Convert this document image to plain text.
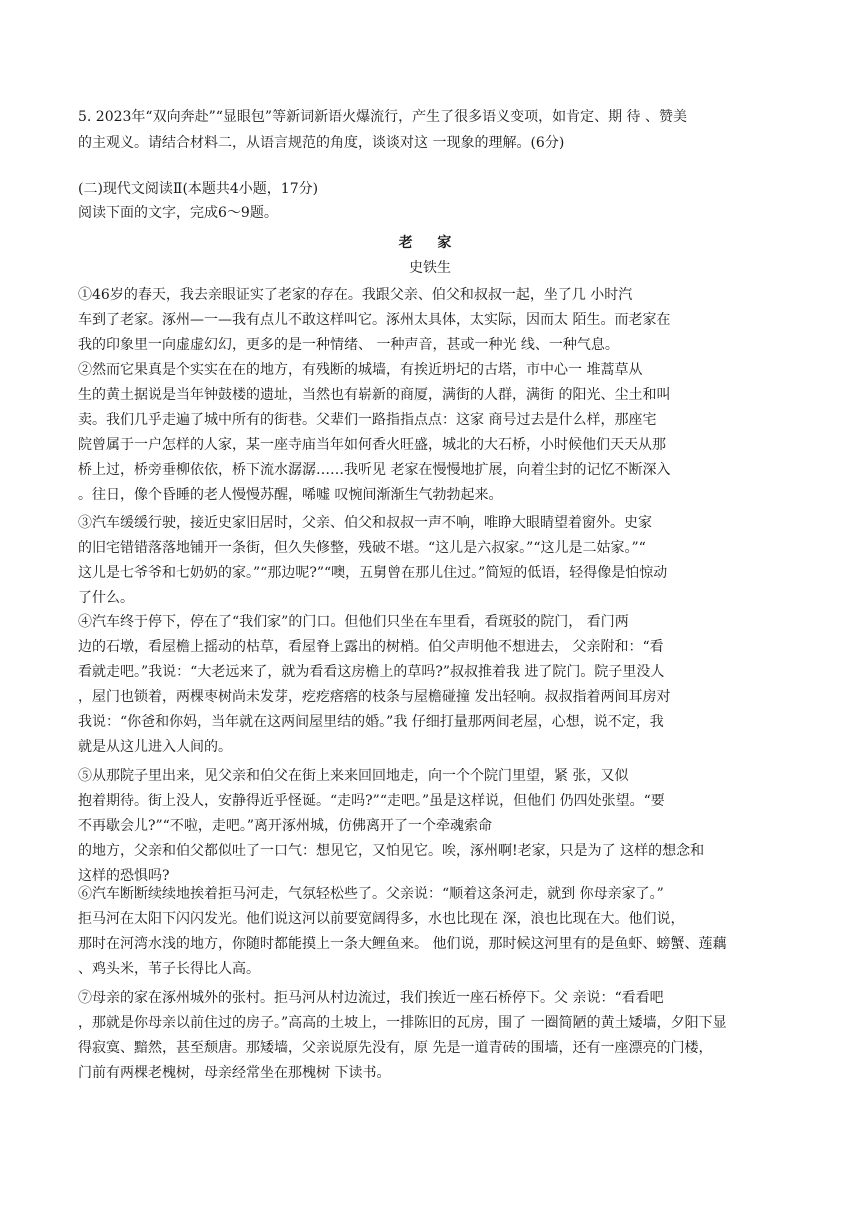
5. 2023年“双向奔赴”“显眼包”等新词新语火爆流行，产生了很多语义变项，如肯定、期 待 、赞美
的主观义。请结合材料二，从语言规范的角度，谈谈对这 一现象的理解。(6分)
(二)现代文阅读Ⅱ(本题共4小题，17分)
阅读下面的文字，完成6～9题。
老 家
史铁生
①46岁的春天，我去亲眼证实了老家的存在。我跟父亲、伯父和叔叔一起，坐了几 小时汽
车到了老家。涿州—一—我有点儿不敢这样叫它。涿州太具体，太实际，因而太 陌生。而老家在
我的印象里一向虚虚幻幻，更多的是一种情绪、 一种声音，甚或一种光 线、一种气息。
②然而它果真是个实实在在的地方，有残断的城墙，有挨近坍圮的古塔，市中心一 堆蒿草从
生的黄土据说是当年钟鼓楼的遗址，当然也有崭新的商厦，满街的人群，满街 的阳光、尘土和叫
卖。我们几乎走遍了城中所有的街巷。父辈们一路指指点点：这家 商号过去是什么样，那座宅
院曾属于一户怎样的人家，某一座寺庙当年如何香火旺盛，城北的大石桥，小时候他们天天从那
桥上过，桥旁垂柳依依，桥下流水潺潺……我听见 老家在慢慢地扩展，向着尘封的记忆不断深入
。往日，像个昏睡的老人慢慢苏醒，唏嘘 叹惋间渐渐生气勃勃起来。
③汽车缓缓行驶，接近史家旧居时，父亲、伯父和叔叔一声不响，唯睁大眼睛望着窗外。史家
的旧宅错错落落地铺开一条街，但久失修整，残破不堪。“这儿是六叔家。”“这儿是二姑家。”“
这儿是七爷爷和七奶奶的家。”“那边呢?”“噢，五舅曾在那儿住过。”简短的低语，轻得像是怕惊动
了什么。
④汽车终于停下，停在了“我们家”的门口。但他们只坐在车里看，看斑驳的院门， 看门两
边的石墩，看屋檐上摇动的枯草，看屋脊上露出的树梢。伯父声明他不想进去， 父亲附和：“看
看就走吧。”我说：“大老远来了，就为看看这房檐上的草吗?”叔叔推着我 进了院门。院子里没人
，屋门也锁着，两棵枣树尚未发芽，疙疙瘩瘩的枝条与屋檐碰撞 发出轻响。叔叔指着两间耳房对
我说：“你爸和你妈，当年就在这两间屋里结的婚。”我 仔细打量那两间老屋，心想，说不定，我
就是从这儿进入人间的。
⑤从那院子里出来，见父亲和伯父在街上来来回回地走，向一个个院门里望，紧 张，又似
抱着期待。街上没人，安静得近乎怪诞。“走吗?”“走吧。”虽是这样说，但他们 仍四处张望。“要
不再歇会儿?”“不啦，走吧。”离开涿州城，仿佛离开了一个牵魂索命
的地方，父亲和伯父都似吐了一口气：想见它，又怕见它。唉，涿州啊!老家，只是为了 这样的想念和
这样的恐惧吗?
⑥汽车断断续续地挨着拒马河走，气氛轻松些了。父亲说：“顺着这条河走，就到 你母亲家了。”
拒马河在太阳下闪闪发光。他们说这河以前要宽阔得多，水也比现在 深，浪也比现在大。他们说，
那时在河湾水浅的地方，你随时都能摸上一条大鲤鱼来。 他们说，那时候这河里有的是鱼虾、螃蟹、莲藕
、鸡头米，苇子长得比人高。
⑦母亲的家在涿州城外的张村。拒马河从村边流过，我们挨近一座石桥停下。父 亲说：“看看吧
，那就是你母亲以前住过的房子。”高高的土坡上，一排陈旧的瓦房，围了 一圈简陋的黄土矮墙，夕阳下显
得寂寞、黯然，甚至颓唐。那矮墙，父亲说原先没有，原 先是一道青砖的围墙，还有一座漂亮的门楼，
门前有两棵老槐树，母亲经常坐在那槐树 下读书。
